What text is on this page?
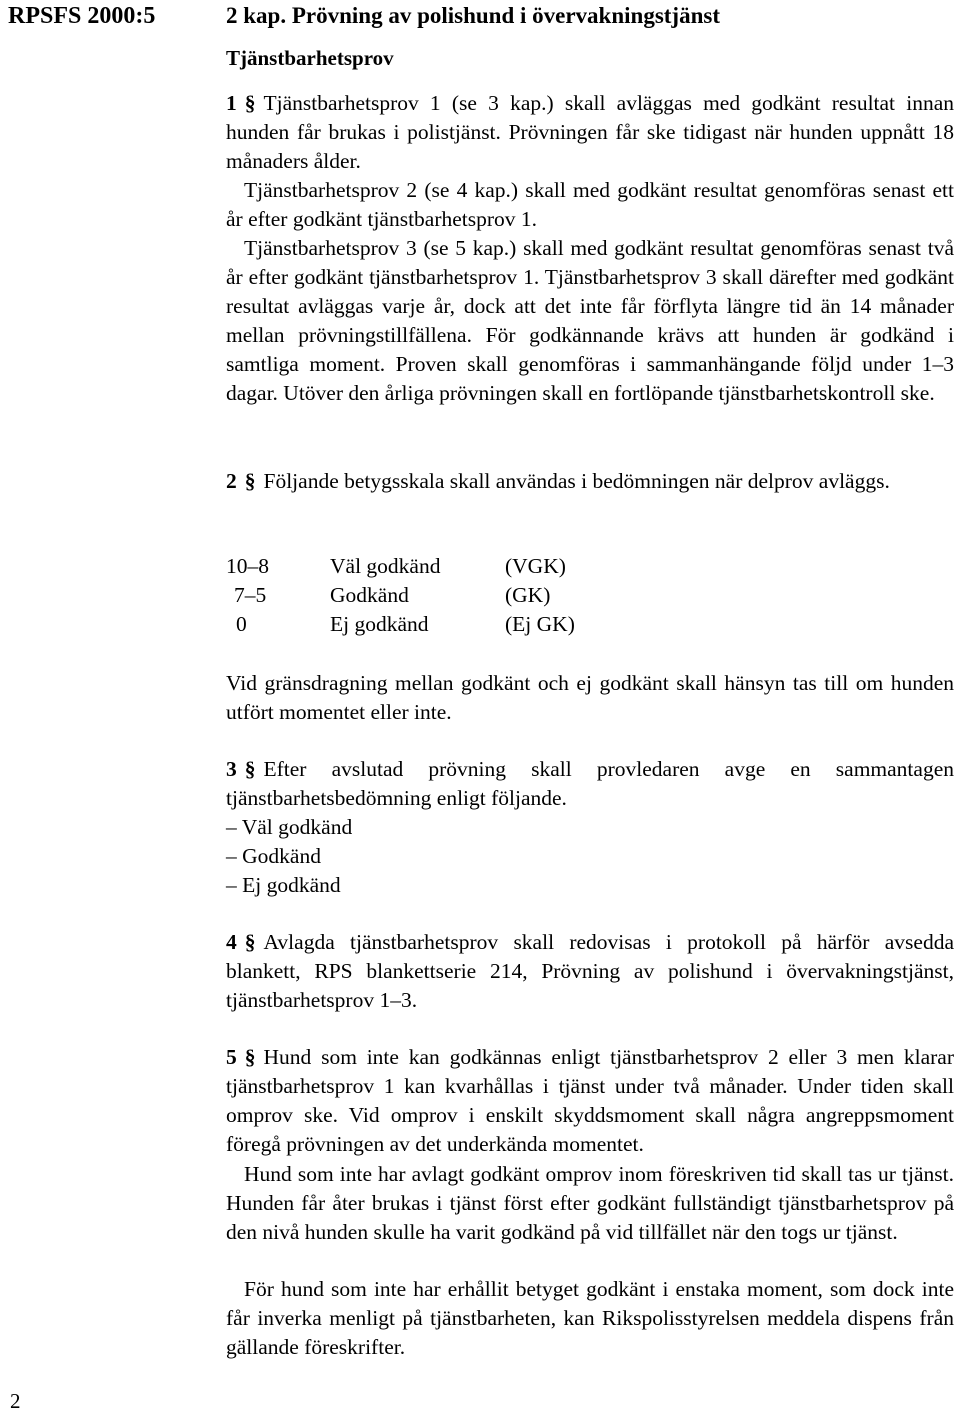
RPSFS 2000:5
2
2 kap. Prövning av polishund i övervakningstjänst
Tjänstbarhetsprov

1 § Tjänstbarhetsprov 1 (se 3 kap.) skall avläggas med godkänt resultat innan hunden får brukas i polistjänst. Prövningen får ske tidigast när hunden uppnått 18 månaders ålder.

Tjänstbarhetsprov 2 (se 4 kap.) skall med godkänt resultat genomföras senast ett år efter godkänt tjänstbarhetsprov 1.

Tjänstbarhetsprov 3 (se 5 kap.) skall med godkänt resultat genomföras senast två år efter godkänt tjänstbarhetsprov 1. Tjänstbarhetsprov 3 skall därefter med godkänt resultat avläggas varje år, dock att det inte får förflyta längre tid än 14 månader mellan prövningstillfällena. För godkännande krävs att hunden är godkänd i samtliga moment. Proven skall genomföras i sammanhängande följd under 1–3 dagar. Utöver den årliga prövningen skall en fortlöpande tjänstbarhetskontroll ske.

2 § Följande betygsskala skall användas i bedömningen när delprov avläggs.

10–8	Väl godkänd	(VGK)
7–5	Godkänd	(GK)
0	Ej godkänd	(Ej GK)

Vid gränsdragning mellan godkänt och ej godkänt skall hänsyn tas till om hunden utfört momentet eller inte.

3 § Efter avslutad prövning skall provledaren avge en sammantagen tjänstbarhetsbedömning enligt följande.

– Väl godkänd
– Godkänd
– Ej godkänd

4 § Avlagda tjänstbarhetsprov skall redovisas i protokoll på härför avsedda blankett, RPS blankettserie 214, Prövning av polishund i övervakningstjänst, tjänstbarhetsprov 1–3.

5 § Hund som inte kan godkännas enligt tjänstbarhetsprov 2 eller 3 men klarar tjänstbarhetsprov 1 kan kvarhållas i tjänst under två månader. Under tiden skall omprov ske. Vid omprov i enskilt skyddsmoment skall några angreppsmoment föregå prövningen av det underkända momentet.

Hund som inte har avlagt godkänt omprov inom föreskriven tid skall tas ur tjänst. Hunden får åter brukas i tjänst först efter godkänt fullständigt tjänstbarhetsprov på den nivå hunden skulle ha varit godkänd på vid tillfället när den togs ur tjänst.

För hund som inte har erhållit betyget godkänt i enstaka moment, som dock inte får inverka menligt på tjänstbarheten, kan Rikspolisstyrelsen meddela dispens från gällande föreskrifter.
